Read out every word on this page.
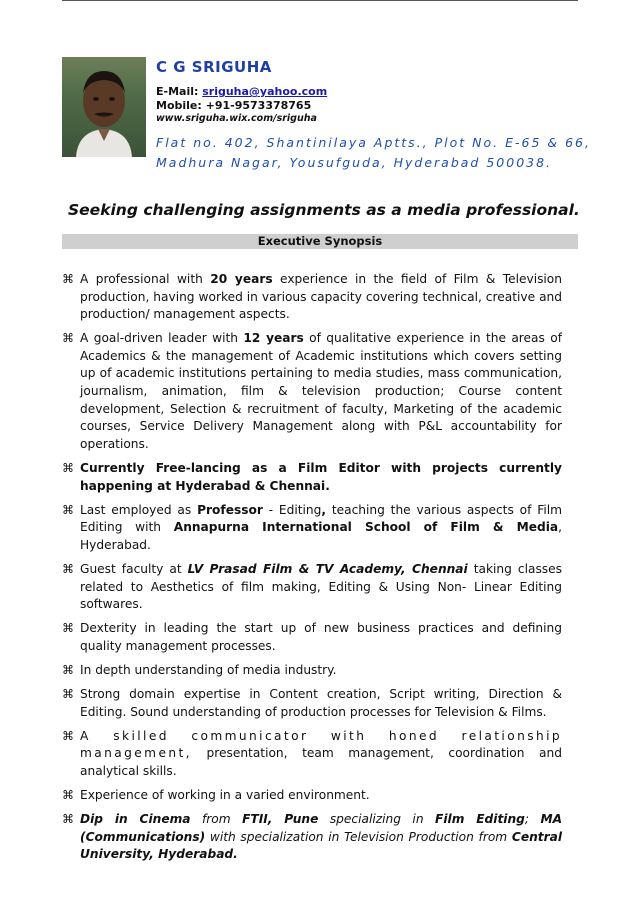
C G SRIGUHA
E-Mail: sriguha@yahoo.com
Mobile: +91-9573378765
www.sriguha.wix.com/sriguha
Flat no. 402, Shantinilaya Aptts., Plot No. E-65 & 66,
Madhura Nagar, Yousufguda, Hyderabad 500038.
Seeking challenging assignments as a media professional.
Executive Synopsis
⌘ A professional with 20 years experience in the field of Film & Television production, having worked in various capacity covering technical, creative and production/ management aspects.
⌘ A goal-driven leader with 12 years of qualitative experience in the areas of Academics & the management of Academic institutions which covers setting up of academic institutions pertaining to media studies, mass communication, journalism, animation, film & television production; Course content development, Selection & recruitment of faculty, Marketing of the academic courses, Service Delivery Management along with P&L accountability for operations.
⌘ Currently Free-lancing as a Film Editor with projects currently happening at Hyderabad & Chennai.
⌘ Last employed as Professor - Editing, teaching the various aspects of Film Editing with Annapurna International School of Film & Media, Hyderabad.
⌘ Guest faculty at LV Prasad Film & TV Academy, Chennai taking classes related to Aesthetics of film making, Editing & Using Non- Linear Editing softwares.
⌘ Dexterity in leading the start up of new business practices and defining quality management processes.
⌘ In depth understanding of media industry.
⌘ Strong domain expertise in Content creation, Script writing, Direction & Editing. Sound understanding of production processes for Television & Films.
⌘ A skilled communicator with honed relationship management, presentation, team management, coordination and analytical skills.
⌘ Experience of working in a varied environment.
⌘ Dip in Cinema from FTII, Pune specializing in Film Editing; MA (Communications) with specialization in Television Production from Central University, Hyderabad.
